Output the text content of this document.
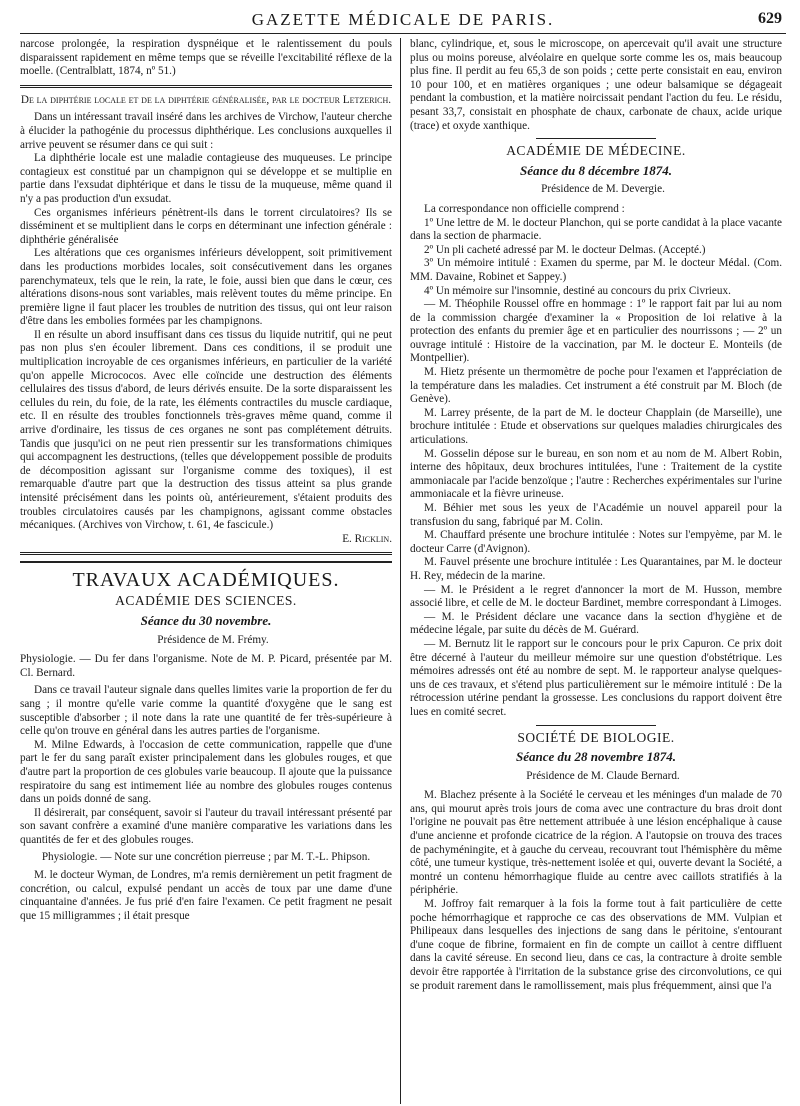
GAZETTE MÉDICALE DE PARIS.	629

narcose prolongée, la respiration dyspnéique et le ralentissement du pouls disparaissent rapidement en même temps que se réveille l'excitabilité réflexe de la moelle. (Centralblatt, 1874, nº 51.)

De la diphtérie locale et de la diphtérie généralisée, par le docteur Letzerich.

Dans un intéressant travail inséré dans les archives de Virchow, l'auteur cherche à élucider la pathogénie du processus diphthérique. Les conclusions auxquelles il arrive peuvent se résumer dans ce qui suit :

La diphthérie locale est une maladie contagieuse des muqueuses. Le principe contagieux est constitué par un champignon qui se développe et se multiplie en partie dans l'exsudat diphtérique et dans le tissu de la muqueuse, même quand il n'y a pas production d'un exsudat.

Ces organismes inférieurs pénètrent-ils dans le torrent circulatoires? Ils se disséminent et se multiplient dans le corps en déterminant une infection générale : diphthérie généralisée

Les altérations que ces organismes inférieurs développent, soit primitivement dans les productions morbides locales, soit consécutivement dans les organes parenchymateux, tels que le rein, la rate, le foie, aussi bien que dans le cœur, ces altérations disons-nous sont variables, mais relèvent toutes du même principe. En première ligne il faut placer les troubles de nutrition des tissus, qui ont leur raison d'être dans les embolies formées par les champignons.

Il en résulte un abord insuffisant dans ces tissus du liquide nutritif, qui ne peut pas non plus s'en écouler librement. Dans ces conditions, il se produit une multiplication incroyable de ces organismes inférieurs, en particulier de la variété qu'on appelle Micrococos. Avec elle coïncide une destruction des éléments cellulaires des tissus d'abord, de leurs dérivés ensuite. De la sorte disparaissent les cellules du rein, du foie, de la rate, les éléments contractiles du muscle cardiaque, etc. Il en résulte des troubles fonctionnels très-graves même quand, comme il arrive d'ordinaire, les tissus de ces organes ne sont pas complétement détruits. Tandis que jusqu'ici on ne peut rien pressentir sur les transformations chimiques qui accompagnent les destructions, (telles que développement possible de produits de décomposition agissant sur l'organisme comme des toxiques), il est remarquable d'autre part que la destruction des tissus atteint sa plus grande intensité précisément dans les points où, antérieurement, s'étaient produits des troubles circulatoires causés par les champignons, agissant comme obstacles mécaniques. (Archives von Virchow, t. 61, 4e fascicule.)

E. Ricklin.

TRAVAUX ACADÉMIQUES.
ACADÉMIE DES SCIENCES.
Séance du 30 novembre.

Présidence de M. Frémy.

Physiologie. — Du fer dans l'organisme. Note de M. P. Picard, présentée par M. Cl. Bernard.

Dans ce travail l'auteur signale dans quelles limites varie la proportion de fer du sang ; il montre qu'elle varie comme la quantité d'oxygène que le sang est susceptible d'absorber ; il note dans la rate une quantité de fer très-supérieure à celle qu'on trouve en général dans les autres parties de l'organisme.

M. Milne Edwards, à l'occasion de cette communication, rappelle que d'une part le fer du sang paraît exister principalement dans les globules rouges, et que d'autre part la proportion de ces globules varie beaucoup. Il ajoute que la puissance respiratoire du sang est intimement liée au nombre des globules rouges contenus dans un poids donné de sang.

Il désirerait, par conséquent, savoir si l'auteur du travail intéressant présenté par son savant confrère a examiné d'une manière comparative les variations dans les quantités de fer et des globules rouges.

Physiologie. — Note sur une concrétion pierreuse ; par M. T.-L. Phipson.

M. le docteur Wyman, de Londres, m'a remis dernièrement un petit fragment de concrétion, ou calcul, expulsé pendant un accès de toux par une dame d'une cinquantaine d'années. Je fus prié d'en faire l'examen. Ce petit fragment ne pesait que 15 milligrammes ; il était presque

blanc, cylindrique, et, sous le microscope, on apercevait qu'il avait une structure plus ou moins poreuse, alvéolaire en quelque sorte comme les os, mais beaucoup plus fine. Il perdit au feu 65,3 de son poids ; cette perte consistait en eau, environ 10 pour 100, et en matières organiques ; une odeur balsamique se dégageait pendant la combustion, et la matière noircissait pendant l'action du feu. Le résidu, pesant 33,7, consistait en phosphate de chaux, carbonate de chaux, acide urique (trace) et oxyde xanthique.

ACADÉMIE DE MÉDECINE.
Séance du 8 décembre 1874.

Présidence de M. Devergie.

La correspondance non officielle comprend :

1º Une lettre de M. le docteur Planchon, qui se porte candidat à la place vacante dans la section de pharmacie.

2º Un pli cacheté adressé par M. le docteur Delmas. (Accepté.)

3º Un mémoire intitulé : Examen du sperme, par M. le docteur Médal. (Com. MM. Davaine, Robinet et Sappey.)

4º Un mémoire sur l'insomnie, destiné au concours du prix Civrieux.

— M. Théophile Roussel offre en hommage : 1º le rapport fait par lui au nom de la commission chargée d'examiner la « Proposition de loi relative à la protection des enfants du premier âge et en particulier des nourrissons ; — 2º un ouvrage intitulé : Histoire de la vaccination, par M. le docteur E. Monteils (de Montpellier).

M. Hietz présente un thermomètre de poche pour l'examen et l'appréciation de la température dans les maladies. Cet instrument a été construit par M. Bloch (de Genève).

M. Larrey présente, de la part de M. le docteur Chapplain (de Marseille), une brochure intitulée : Etude et observations sur quelques maladies chirurgicales des articulations.

M. Gosselin dépose sur le bureau, en son nom et au nom de M. Albert Robin, interne des hôpitaux, deux brochures intitulées, l'une : Traitement de la cystite ammoniacale par l'acide benzoïque ; l'autre : Recherches expérimentales sur l'urine ammoniacale et la fièvre urineuse.

M. Béhier met sous les yeux de l'Académie un nouvel appareil pour la transfusion du sang, fabriqué par M. Colin.

M. Chauffard présente une brochure intitulée : Notes sur l'empyème, par M. le docteur Carre (d'Avignon).

M. Fauvel présente une brochure intitulée : Les Quarantaines, par M. le docteur H. Rey, médecin de la marine.

— M. le Président a le regret d'annoncer la mort de M. Husson, membre associé libre, et celle de M. le docteur Bardinet, membre correspondant à Limoges.

— M. le Président déclare une vacance dans la section d'hygiène et de médecine légale, par suite du décès de M. Guérard.

— M. Bernutz lit le rapport sur le concours pour le prix Capuron. Ce prix doit être décerné à l'auteur du meilleur mémoire sur une question d'obstétrique. Les mémoires adressés ont été au nombre de sept. M. le rapporteur analyse quelques-uns de ces travaux, et s'étend plus particulièrement sur le mémoire intitulé : De la rétrocession utérine pendant la grossesse. Les conclusions du rapport doivent être lues en comité secret.

SOCIÉTÉ DE BIOLOGIE.
Séance du 28 novembre 1874.

Présidence de M. Claude Bernard.

M. Blachez présente à la Société le cerveau et les méninges d'un malade de 70 ans, qui mourut après trois jours de coma avec une contracture du bras droit dont l'origine ne pouvait pas être nettement attribuée à une lésion encéphalique à cause d'une ancienne et profonde cicatrice de la région. A l'autopsie on trouva des traces de pachyméningite, et à gauche du cerveau, recouvrant tout l'hémisphère du même côté, une tumeur kystique, très-nettement isolée et qui, ouverte devant la Société, a montré un contenu hémorrhagique fluide au centre avec caillots stratifiés à la périphérie.

M. Joffroy fait remarquer à la fois la forme tout à fait particulière de cette poche hémorrhagique et rapproche ce cas des observations de MM. Vulpian et Philipeaux dans lesquelles des injections de sang dans le péritoine, s'entourant d'une coque de fibrine, formaient en fin de compte un caillot à centre diffluent dans la cavité séreuse. En second lieu, dans ce cas, la contracture à droite semble devoir être rapportée à l'irritation de la substance grise des circonvolutions, ce qui se produit rarement dans le ramollissement, mais plus fréquemment, ainsi que l'a
